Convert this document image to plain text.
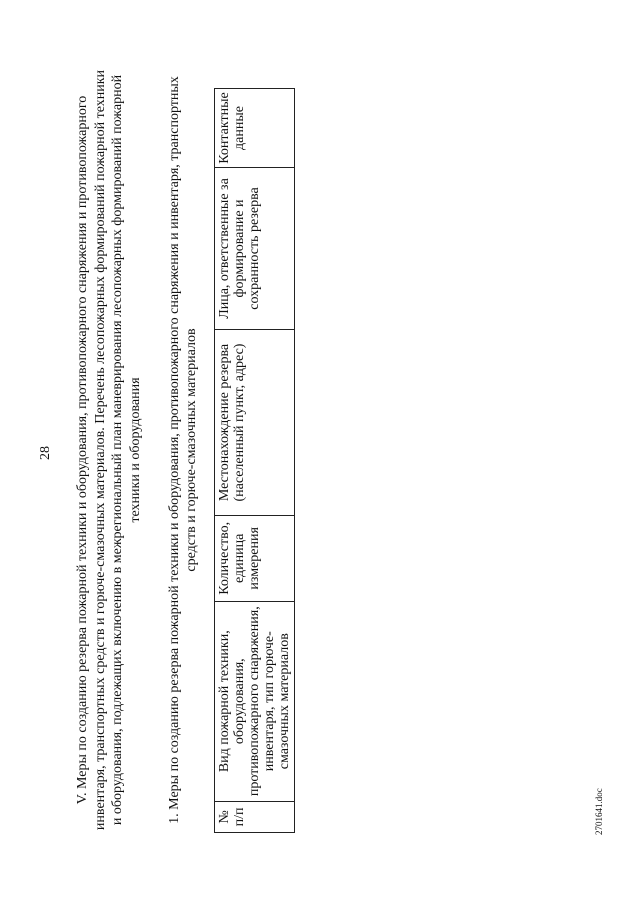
28 V. Меры по созданию резерва пожарной техники и оборудования, противопожарного снаряжения и противопожарного инвентаря, транспортных средств и горюче-смазочных материалов. Перечень лесопожарных формирований пожарной техники и оборудования, подлежащих включению в межрегиональный план маневрирования лесопожарных формирований пожарной техники и оборудования 1. Меры по созданию резерва пожарной техники и оборудования, противопожарного снаряжения и инвентаря, транспортных средств и горюче-смазочных материалов
№ п/п	Вид пожарной техники, оборудования, противопожарного снаряжения, инвентаря, тип горюче-смазочных материалов	Количество, единица измерения	Местонахождение резерва (населенный пункт, адрес)	Лица, ответственные за формирование и сохранность резерва	Контактные данные
2701641.doc
